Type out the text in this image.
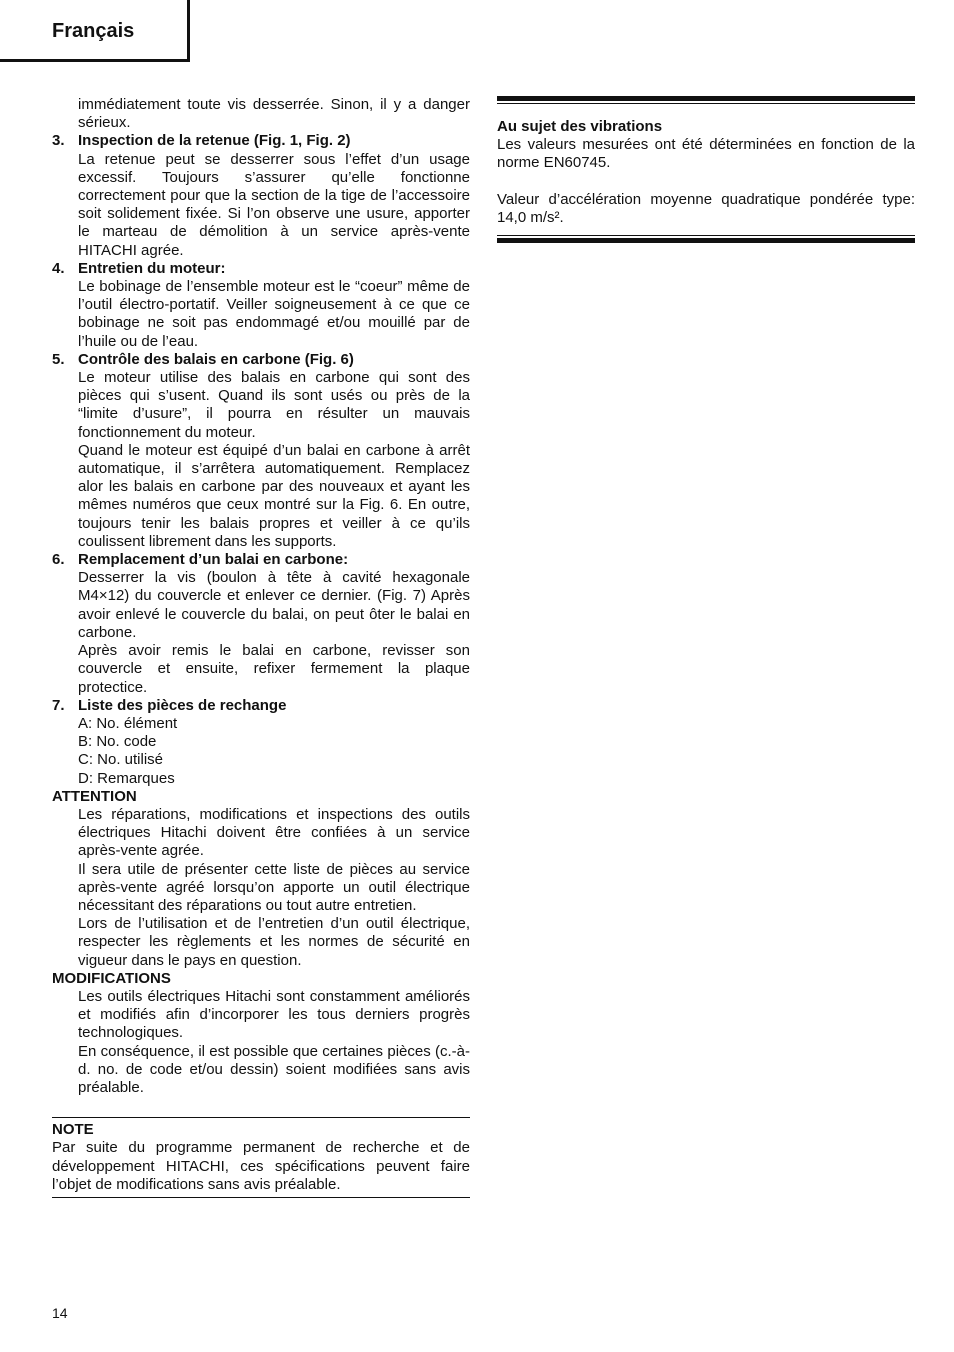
Français

immédiatement toute vis desserrée. Sinon, il y a danger sérieux.

3. Inspection de la retenue (Fig. 1, Fig. 2)

La retenue peut se desserrer sous l’effet d’un usage excessif. Toujours s’assurer qu’elle fonctionne correctement pour que la section de la tige de l’accessoire soit solidement fixée. Si l’on observe une usure, apporter le marteau de démolition à un service après-vente HITACHI agrée.

4. Entretien du moteur:

Le bobinage de l’ensemble moteur est le “coeur” même de l’outil électro-portatif. Veiller soigneusement à ce que ce bobinage ne soit pas endommagé et/ou mouillé par de l’huile ou de l’eau.

5. Contrôle des balais en carbone (Fig. 6)

Le moteur utilise des balais en carbone qui sont des pièces qui s’usent. Quand ils sont usés ou près de la “limite d’usure”, il pourra en résulter un mauvais fonctionnement du moteur.

Quand le moteur est équipé d’un balai en carbone à arrêt automatique, il s’arrêtera automatiquement. Remplacez alor les balais en carbone par des nouveaux et ayant les mêmes numéros que ceux montré sur la Fig. 6. En outre, toujours tenir les balais propres et veiller à ce qu’ils coulissent librement dans les supports.

6. Remplacement d’un balai en carbone:

Desserrer la vis (boulon à tête à cavité hexagonale M4×12) du couvercle et enlever ce dernier. (Fig. 7) Après avoir enlevé le couvercle du balai, on peut ôter le balai en carbone.

Après avoir remis le balai en carbone, revisser son couvercle et ensuite, refixer fermement la plaque protectice.

7. Liste des pièces de rechange
A: No. élément
B: No. code
C: No. utilisé
D: Remarques
ATTENTION

Les réparations, modifications et inspections des outils électriques Hitachi doivent être confiées à un service après-vente agrée.

Il sera utile de présenter cette liste de pièces au service après-vente agréé lorsqu’on apporte un outil électrique nécessitant des réparations ou tout autre entretien.

Lors de l’utilisation et de l’entretien d’un outil électrique, respecter les règlements et les normes de sécurité en vigueur dans le pays en question.

MODIFICATIONS

Les outils électriques Hitachi sont constamment améliorés et modifiés afin d’incorporer les tous derniers progrès technologiques.

En conséquence, il est possible que certaines pièces (c.-à-d. no. de code et/ou dessin) soient modifiées sans avis préalable.

NOTE

Par suite du programme permanent de recherche et de développement HITACHI, ces spécifications peuvent faire l’objet de modifications sans avis préalable.

Au sujet des vibrations

Les valeurs mesurées ont été déterminées en fonction de la norme EN60745.

Valeur d’accélération moyenne quadratique pondérée type: 14,0 m/s².

14
